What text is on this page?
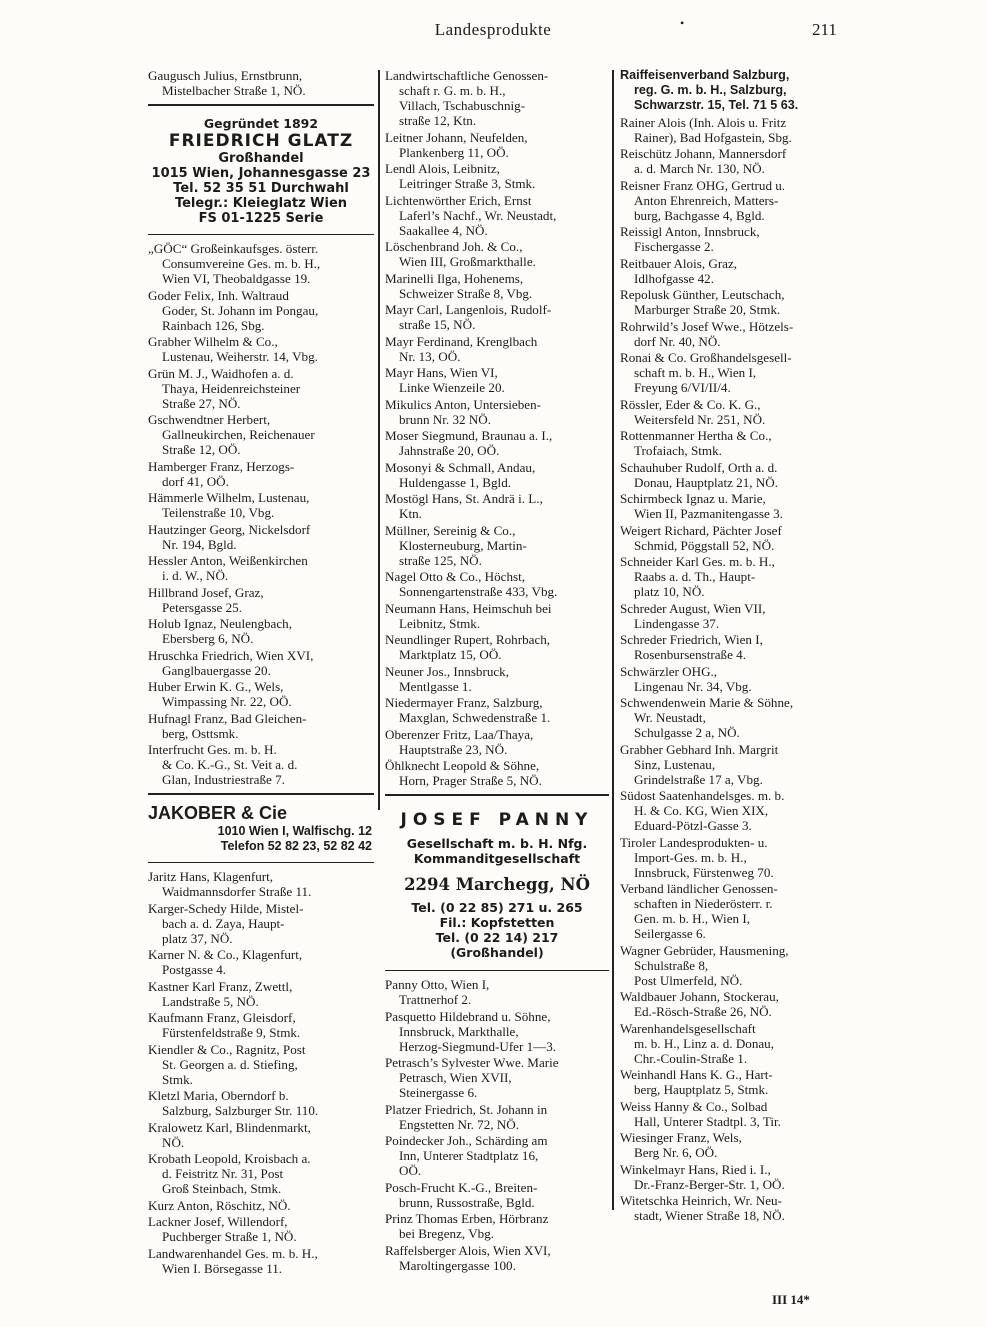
Landesprodukte	•	211
Gaugusch Julius, Ernstbrunn,
Mistelbacher Straße 1, NÖ.
Gegründet 1892
FRIEDRICH GLATZ
Großhandel
1015 Wien, Johannesgasse 23
Tel. 52 35 51 Durchwahl
Telegr.: Kleieglatz Wien
FS 01-1225 Serie
„GÖC“ Großeinkaufsges. österr.
Consumvereine Ges. m. b. H.,
Wien VI, Theobaldgasse 19.
Goder Felix, Inh. Waltraud
Goder, St. Johann im Pongau,
Rainbach 126, Sbg.
Grabher Wilhelm & Co.,
Lustenau, Weiherstr. 14, Vbg.
Grün M. J., Waidhofen a. d.
Thaya, Heidenreichsteiner
Straße 27, NÖ.
Gschwendtner Herbert,
Gallneukirchen, Reichenauer
Straße 12, OÖ.
Hamberger Franz, Herzogs-
dorf 41, OÖ.
Hämmerle Wilhelm, Lustenau,
Teilenstraße 10, Vbg.
Hautzinger Georg, Nickelsdorf
Nr. 194, Bgld.
Hessler Anton, Weißenkirchen
i. d. W., NÖ.
Hillbrand Josef, Graz,
Petersgasse 25.
Holub Ignaz, Neulengbach,
Ebersberg 6, NÖ.
Hruschka Friedrich, Wien XVI,
Ganglbauergasse 20.
Huber Erwin K. G., Wels,
Wimpassing Nr. 22, OÖ.
Hufnagl Franz, Bad Gleichen-
berg, Osttsmk.
Interfrucht Ges. m. b. H.
& Co. K.-G., St. Veit a. d.
Glan, Industriestraße 7.
JAKOBER & Cie
1010 Wien I, Walfischg. 12
Telefon 52 82 23, 52 82 42
Jaritz Hans, Klagenfurt,
Waidmannsdorfer Straße 11.
Karger-Schedy Hilde, Mistel-
bach a. d. Zaya, Haupt-
platz 37, NÖ.
Karner N. & Co., Klagenfurt,
Postgasse 4.
Kastner Karl Franz, Zwettl,
Landstraße 5, NÖ.
Kaufmann Franz, Gleisdorf,
Fürstenfeldstraße 9, Stmk.
Kiendler & Co., Ragnitz, Post
St. Georgen a. d. Stiefing,
Stmk.
Kletzl Maria, Oberndorf b.
Salzburg, Salzburger Str. 110.
Kralowetz Karl, Blindenmarkt,
NÖ.
Krobath Leopold, Kroisbach a.
d. Feistritz Nr. 31, Post
Groß Steinbach, Stmk.
Kurz Anton, Röschitz, NÖ.
Lackner Josef, Willendorf,
Puchberger Straße 1, NÖ.
Landwarenhandel Ges. m. b. H.,
Wien I. Börsegasse 11.
Landwirtschaftliche Genossen-
schaft r. G. m. b. H.,
Villach, Tschabuschnig-
straße 12, Ktn.
Leitner Johann, Neufelden,
Plankenberg 11, OÖ.
Lendl Alois, Leibnitz,
Leitringer Straße 3, Stmk.
Lichtenwörther Erich, Ernst
Laferl’s Nachf., Wr. Neustadt,
Saakallee 4, NÖ.
Löschenbrand Joh. & Co.,
Wien III, Großmarkthalle.
Marinelli Ilga, Hohenems,
Schweizer Straße 8, Vbg.
Mayr Carl, Langenlois, Rudolf-
straße 15, NÖ.
Mayr Ferdinand, Krenglbach
Nr. 13, OÖ.
Mayr Hans, Wien VI,
Linke Wienzeile 20.
Mikulics Anton, Untersieben-
brunn Nr. 32 NÖ.
Moser Siegmund, Braunau a. I.,
Jahnstraße 20, OÖ.
Mosonyi & Schmall, Andau,
Huldengasse 1, Bgld.
Mostögl Hans, St. Andrä i. L.,
Ktn.
Müllner, Sereinig & Co.,
Klosterneuburg, Martin-
straße 125, NÖ.
Nagel Otto & Co., Höchst,
Sonnengartenstraße 433, Vbg.
Neumann Hans, Heimschuh bei
Leibnitz, Stmk.
Neundlinger Rupert, Rohrbach,
Marktplatz 15, OÖ.
Neuner Jos., Innsbruck,
Mentlgasse 1.
Niedermayer Franz, Salzburg,
Maxglan, Schwedenstraße 1.
Oberenzer Fritz, Laa/Thaya,
Hauptstraße 23, NÖ.
Öhlknecht Leopold & Söhne,
Horn, Prager Straße 5, NÖ.
JOSEF PANNY
Gesellschaft m. b. H. Nfg.
Kommanditgesellschaft
2294 Marchegg, NÖ
Tel. (0 22 85) 271 u. 265
Fil.: Kopfstetten
Tel. (0 22 14) 217
(Großhandel)
Panny Otto, Wien I,
Trattnerhof 2.
Pasquetto Hildebrand u. Söhne,
Innsbruck, Markthalle,
Herzog-Siegmund-Ufer 1—3.
Petrasch’s Sylvester Wwe. Marie
Petrasch, Wien XVII,
Steinergasse 6.
Platzer Friedrich, St. Johann in
Engstetten Nr. 72, NÖ.
Poindecker Joh., Schärding am
Inn, Unterer Stadtplatz 16,
OÖ.
Posch-Frucht K.-G., Breiten-
brunn, Russostraße, Bgld.
Prinz Thomas Erben, Hörbranz
bei Bregenz, Vbg.
Raffelsberger Alois, Wien XVI,
Maroltingergasse 100.
Raiffeisenverband Salzburg,
reg. G. m. b. H., Salzburg,
Schwarzstr. 15, Tel. 71 5 63.
Rainer Alois (Inh. Alois u. Fritz
Rainer), Bad Hofgastein, Sbg.
Reischütz Johann, Mannersdorf
a. d. March Nr. 130, NÖ.
Reisner Franz OHG, Gertrud u.
Anton Ehrenreich, Matters-
burg, Bachgasse 4, Bgld.
Reissigl Anton, Innsbruck,
Fischergasse 2.
Reitbauer Alois, Graz,
Idlhofgasse 42.
Repolusk Günther, Leutschach,
Marburger Straße 20, Stmk.
Rohrwild’s Josef Wwe., Hötzels-
dorf Nr. 40, NÖ.
Ronai & Co. Großhandelsgesell-
schaft m. b. H., Wien I,
Freyung 6/VI/II/4.
Rössler, Eder & Co. K. G.,
Weitersfeld Nr. 251, NÖ.
Rottenmanner Hertha & Co.,
Trofaiach, Stmk.
Schauhuber Rudolf, Orth a. d.
Donau, Hauptplatz 21, NÖ.
Schirmbeck Ignaz u. Marie,
Wien II, Pazmanitengasse 3.
Weigert Richard, Pächter Josef
Schmid, Pöggstall 52, NÖ.
Schneider Karl Ges. m. b. H.,
Raabs a. d. Th., Haupt-
platz 10, NÖ.
Schreder August, Wien VII,
Lindengasse 37.
Schreder Friedrich, Wien I,
Rosenbursenstraße 4.
Schwärzler OHG.,
Lingenau Nr. 34, Vbg.
Schwendenwein Marie & Söhne,
Wr. Neustadt,
Schulgasse 2 a, NÖ.
Grabher Gebhard Inh. Margrit
Sinz, Lustenau,
Grindelstraße 17 a, Vbg.
Südost Saatenhandelsges. m. b.
H. & Co. KG, Wien XIX,
Eduard-Pötzl-Gasse 3.
Tiroler Landesprodukten- u.
Import-Ges. m. b. H.,
Innsbruck, Fürstenweg 70.
Verband ländlicher Genossen-
schaften in Niederösterr. r.
Gen. m. b. H., Wien I,
Seilergasse 6.
Wagner Gebrüder, Hausmening,
Schulstraße 8,
Post Ulmerfeld, NÖ.
Waldbauer Johann, Stockerau,
Ed.-Rösch-Straße 26, NÖ.
Warenhandelsgesellschaft
m. b. H., Linz a. d. Donau,
Chr.-Coulin-Straße 1.
Weinhandl Hans K. G., Hart-
berg, Hauptplatz 5, Stmk.
Weiss Hanny & Co., Solbad
Hall, Unterer Stadtpl. 3, Tir.
Wiesinger Franz, Wels,
Berg Nr. 6, OÖ.
Winkelmayr Hans, Ried i. I.,
Dr.-Franz-Berger-Str. 1, OÖ.
Witetschka Heinrich, Wr. Neu-
stadt, Wiener Straße 18, NÖ.
III 14*
